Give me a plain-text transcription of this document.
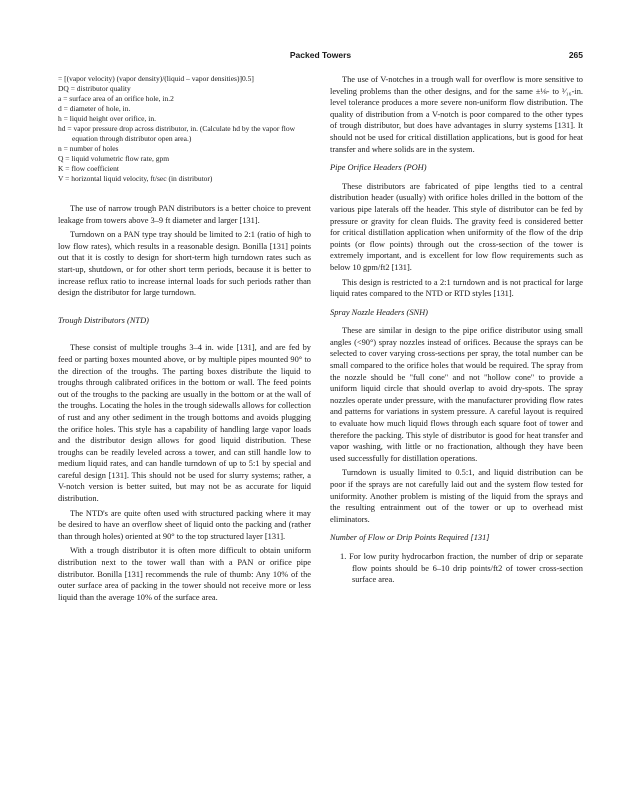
Packed Towers	265
= [(vapor velocity) (vapor density)/(liquid – vapor densities)]0.5]
DQ = distributor quality
a = surface area of an orifice hole, in.2
d = diameter of hole, in.
h = liquid height over orifice, in.
hd = vapor pressure drop across distributor, in. (Calculate hd by the vapor flow equation through distributor open area.)
n = number of holes
Q = liquid volumetric flow rate, gpm
K = flow coefficient
V = horizontal liquid velocity, ft/sec (in distributor)

The use of narrow trough PAN distributors is a better choice to prevent leakage from towers above 3–9 ft diameter and larger [131].

Turndown on a PAN type tray should be limited to 2:1 (ratio of high to low flow rates), which results in a reasonable design. Bonilla [131] points out that it is costly to design for short-term high turndown rates such as start-up, shutdown, or for other short term periods, because it is better to increase reflux ratio to increase internal loads for such periods rather than design the distributor for large turndown.

Trough Distributors (NTD)

These consist of multiple troughs 3–4 in. wide [131], and are fed by feed or parting boxes mounted above, or by multiple pipes mounted 90° to the direction of the troughs. The parting boxes distribute the liquid to troughs through calibrated orifices in the bottom or wall. The feed points out of the troughs to the packing are usually in the bottom or at the wall of the troughs. Locating the holes in the trough sidewalls allows for collection of rust and any other sediment in the trough bottoms and avoids plugging the orifice holes. This style has a capability of handling large vapor loads and the distributor design allows for good liquid distribution. These troughs can be readily leveled across a tower, and can still handle low to medium liquid rates, and can handle turndown of up to 5:1 by special and careful design [131]. This should not be used for slurry systems; rather, a V-notch version is better suited, but may not be as accurate for liquid distribution.

The NTD's are quite often used with structured packing where it may be desired to have an overflow sheet of liquid onto the packing and (rather than through holes) oriented at 90° to the top structured layer [131].

With a trough distributor it is often more difficult to obtain uniform distribution next to the tower wall than with a PAN or orifice pipe distributor. Bonilla [131] recommends the rule of thumb: Any 10% of the outer surface area of packing in the tower should not receive more or less liquid than the average 10% of the surface area.

The use of V-notches in a trough wall for overflow is more sensitive to leveling problems than the other designs, and for the same ±⅛- to ³⁄₁₆-in. level tolerance produces a more severe non-uniform flow distribution. The quality of distribution from a V-notch is poor compared to the other types of trough distributor, but does have advantages in slurry systems [131]. It should not be used for critical distillation applications, but is good for heat transfer and where solids are in the system.

Pipe Orifice Headers (POH)

These distributors are fabricated of pipe lengths tied to a central distribution header (usually) with orifice holes drilled in the bottom of the various pipe laterals off the header. This style of distributor can be fed by pressure or gravity for clean fluids. The gravity feed is considered better for critical distillation application when uniformity of the flow of the drip points (or flow points) through out the cross-section of the tower is extremely important, and is excellent for low flow requirements such as below 10 gpm/ft2 [131].

This design is restricted to a 2:1 turndown and is not practical for large liquid rates compared to the NTD or RTD styles [131].

Spray Nozzle Headers (SNH)

These are similar in design to the pipe orifice distributor using small angles (<90°) spray nozzles instead of orifices. Because the sprays can be selected to cover varying cross-sections per spray, the total number can be small compared to the orifice holes that would be required. The spray from the nozzle should be "full cone" and not "hollow cone" to provide a uniform liquid circle that should overlap to avoid dry-spots. The spray nozzles operate under pressure, with the manufacturer providing flow rates and patterns for variations in system pressure. A careful layout is required to evaluate how much liquid flows through each square foot of tower and therefore the packing. This style of distributor is good for heat transfer and vapor washing, with little or no fractionation, although they have been used successfully for distillation operations.

Turndown is usually limited to 0.5:1, and liquid distribution can be poor if the sprays are not carefully laid out and the system flow tested for uniformity. Another problem is misting of the liquid from the sprays and the resulting entrainment out of the tower or up to overhead mist eliminators.

Number of Flow or Drip Points Required [131]
1. For low purity hydrocarbon fraction, the number of drip or separate flow points should be 6–10 drip points/ft2 of tower cross-section surface area.
